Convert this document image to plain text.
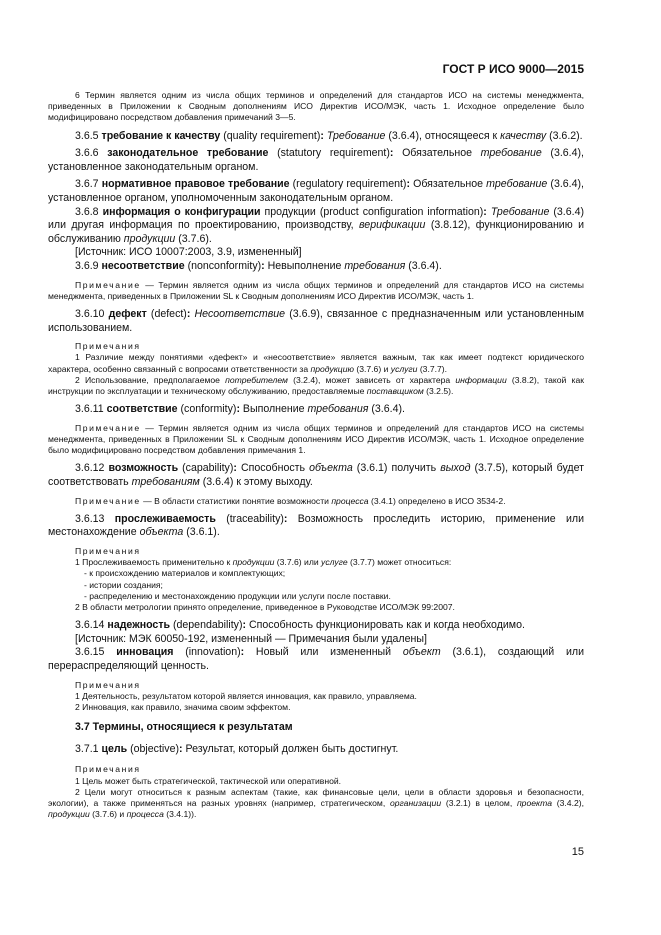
ГОСТ Р ИСО 9000—2015

6 Термин является одним из числа общих терминов и определений для стандартов ИСО на системы менеджмента, приведенных в Приложении к Сводным дополнениям ИСО Директив ИСО/МЭК, часть 1. Исходное определение было модифицировано посредством добавления примечаний 3—5.

3.6.5 требование к качеству (quality requirement): Требование (3.6.4), относящееся к качеству (3.6.2).

3.6.6 законодательное требование (statutory requirement): Обязательное требование (3.6.4), установленное законодательным органом.

3.6.7 нормативное правовое требование (regulatory requirement): Обязательное требование (3.6.4), установленное органом, уполномоченным законодательным органом.

3.6.8 информация о конфигурации продукции (product configuration information): Требование (3.6.4) или другая информация по проектированию, производству, верификации (3.8.12), функционированию и обслуживанию продукции (3.7.6).

[Источник: ИСО 10007:2003, 3.9, измененный]

3.6.9 несоответствие (nonconformity): Невыполнение требования (3.6.4).

Примечание — Термин является одним из числа общих терминов и определений для стандартов ИСО на системы менеджмента, приведенных в Приложении SL к Сводным дополнениям ИСО Директив ИСО/МЭК, часть 1.

3.6.10 дефект (defect): Несоответствие (3.6.9), связанное с предназначенным или установленным использованием.

Примечания

1 Различие между понятиями «дефект» и «несоответствие» является важным, так как имеет подтекст юридического характера, особенно связанный с вопросами ответственности за продукцию (3.7.6) и услуги (3.7.7).

2 Использование, предполагаемое потребителем (3.2.4), может зависеть от характера информации (3.8.2), такой как инструкции по эксплуатации и техническому обслуживанию, предоставляемые поставщиком (3.2.5).

3.6.11 соответствие (conformity): Выполнение требования (3.6.4).

Примечание — Термин является одним из числа общих терминов и определений для стандартов ИСО на системы менеджмента, приведенных в Приложении SL к Сводным дополнениям ИСО Директив ИСО/МЭК, часть 1. Исходное определение было модифицировано посредством добавления примечания 1.

3.6.12 возможность (capability): Способность объекта (3.6.1) получить выход (3.7.5), который будет соответствовать требованиям (3.6.4) к этому выходу.

Примечание — В области статистики понятие возможности процесса (3.4.1) определено в ИСО 3534-2.

3.6.13 прослеживаемость (traceability): Возможность проследить историю, применение или местонахождение объекта (3.6.1).

Примечания

1 Прослеживаемость применительно к продукции (3.7.6) или услуге (3.7.7) может относиться:

- к происхождению материалов и комплектующих;

- истории создания;

- распределению и местонахождению продукции или услуги после поставки.

2 В области метрологии принято определение, приведенное в Руководстве ИСО/МЭК 99:2007.

3.6.14 надежность (dependability): Способность функционировать как и когда необходимо.

[Источник: МЭК 60050-192, измененный — Примечания были удалены]

3.6.15 инновация (innovation): Новый или измененный объект (3.6.1), создающий или перераспределяющий ценность.

Примечания

1 Деятельность, результатом которой является инновация, как правило, управляема.

2 Инновация, как правило, значима своим эффектом.

3.7 Термины, относящиеся к результатам

3.7.1 цель (objective): Результат, который должен быть достигнут.

Примечания

1 Цель может быть стратегической, тактической или оперативной.

2 Цели могут относиться к разным аспектам (такие, как финансовые цели, цели в области здоровья и безопасности, экологии), а также применяться на разных уровнях (например, стратегическом, организации (3.2.1) в целом, проекта (3.4.2), продукции (3.7.6) и процесса (3.4.1)).

15
